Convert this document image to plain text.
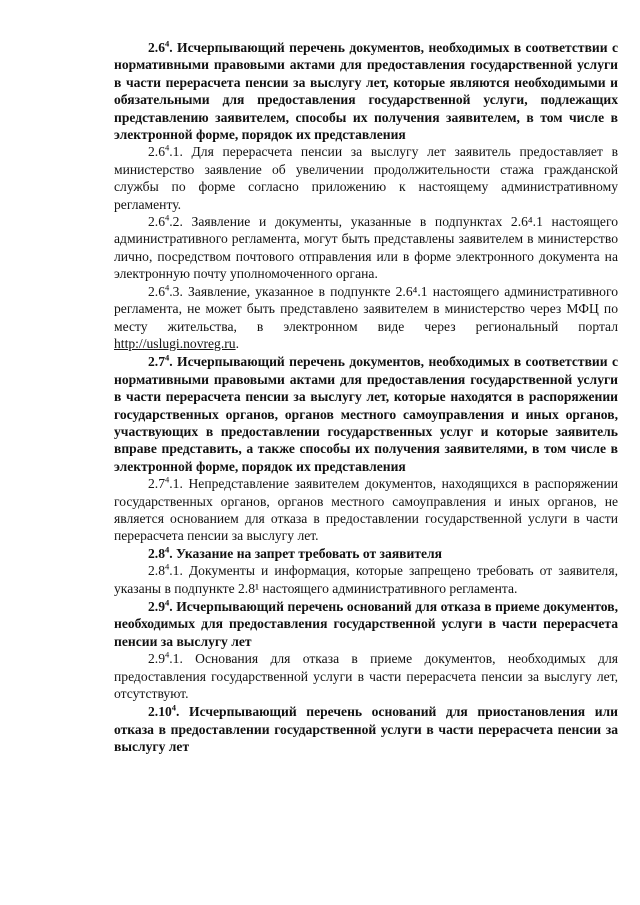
$2.6^4$. Исчерпывающий перечень документов, необходимых в соответствии с нормативными правовыми актами для предоставления государственной услуги в части перерасчета пенсии за выслугу лет, которые являются необходимыми и обязательными для предоставления государственной услуги, подлежащих представлению заявителем, способы их получения заявителем, в том числе в электронной форме, порядок их представления

$2.6^4.1$. Для перерасчета пенсии за выслугу лет заявитель предоставляет в министерство заявление об увеличении продолжительности стажа гражданской службы по форме согласно приложению к настоящему административному регламенту.

$2.6^4.2$. Заявление и документы, указанные в подпунктах 2.6⁴.1 настоящего административного регламента, могут быть представлены заявителем в министерство лично, посредством почтового отправления или в форме электронного документа на электронную почту уполномоченного органа.

$2.6^4.3$. Заявление, указанное в подпункте 2.6⁴.1 настоящего административного регламента, не может быть представлено заявителем в министерство через МФЦ по месту жительства, в электронном виде через региональный портал http://uslugi.novreg.ru.

$2.7^4$. Исчерпывающий перечень документов, необходимых в соответствии с нормативными правовыми актами для предоставления государственной услуги в части перерасчета пенсии за выслугу лет, которые находятся в распоряжении государственных органов, органов местного самоуправления и иных органов, участвующих в предоставлении государственных услуг и которые заявитель вправе представить, а также способы их получения заявителями, в том числе в электронной форме, порядок их представления

$2.7^4.1$. Непредставление заявителем документов, находящихся в распоряжении государственных органов, органов местного самоуправления и иных органов, не является основанием для отказа в предоставлении государственной услуги в части перерасчета пенсии за выслугу лет.

$2.8^4$. Указание на запрет требовать от заявителя

$2.8^4.1$. Документы и информация, которые запрещено требовать от заявителя, указаны в подпункте 2.8¹ настоящего административного регламента.

$2.9^4$. Исчерпывающий перечень оснований для отказа в приеме документов, необходимых для предоставления государственной услуги в части перерасчета пенсии за выслугу лет

$2.9^4.1$. Основания для отказа в приеме документов, необходимых для предоставления государственной услуги в части перерасчета пенсии за выслугу лет, отсутствуют.

2.10$^4$. Исчерпывающий перечень оснований для приостановления или отказа в предоставлении государственной услуги в части перерасчета пенсии за выслугу лет
